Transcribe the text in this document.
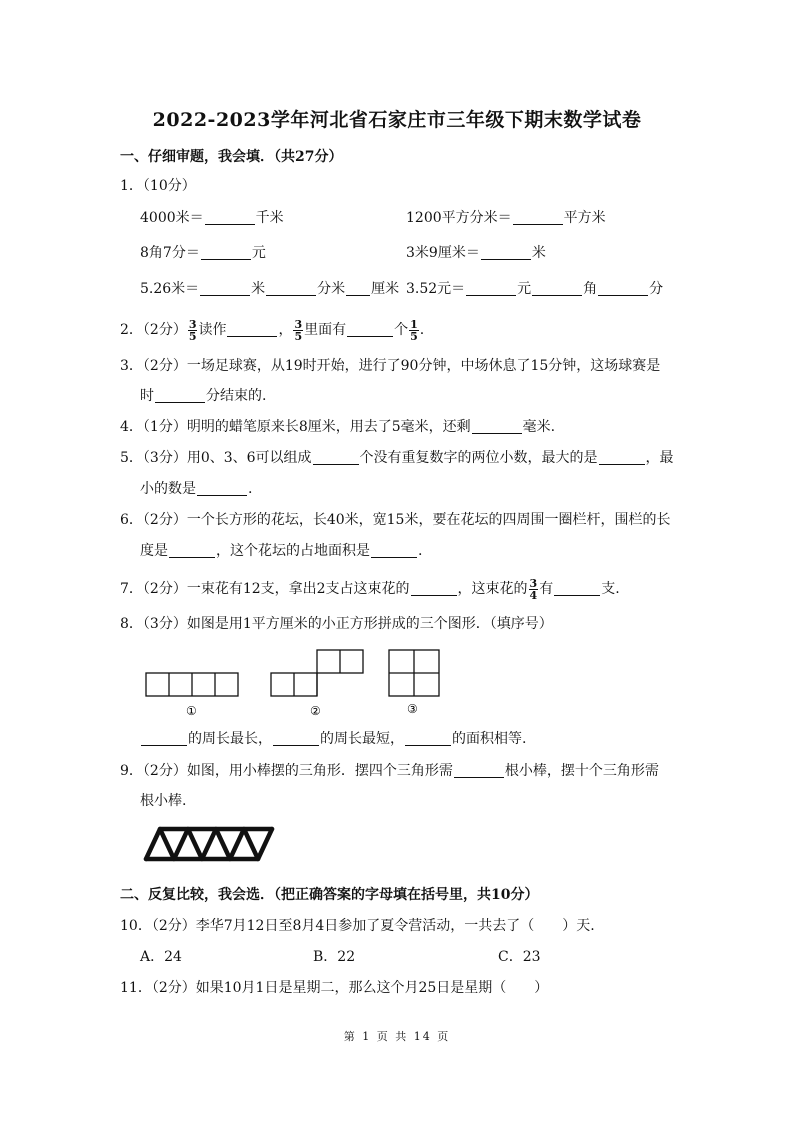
2022-2023学年河北省石家庄市三年级下期末数学试卷
一、仔细审题，我会填．（共27分）
1．（10分）
4000米＝	千米	1200平方分米＝	平方米
8角7分＝	元	3米9厘米＝	米
5.26米＝	米	分米 厘米 3.52元＝	元	角	分
2．（2分） $\frac{3}{5}$ 读作	， $\frac{3}{5}$ 里面有	个 $\frac{1}{5}$ .
3．（2分）一场足球赛，从19时开始，进行了90分钟，中场休息了15分钟，这场球赛是
时	分结束的.
4．（1分）明明的蜡笔原来长8厘米，用去了5毫米，还剩	毫米.
5．（3分）用0、3、6可以组成	个没有重复数字的两位小数，最大的是	，最
小的数是	.
6．（2分）一个长方形的花坛，长40米，宽15米，要在花坛的四周围一圈栏杆，围栏的长
度是	，这个花坛的占地面积是	.
7．（2分）一束花有12支，拿出2支占这束花的	，这束花的 $\frac{3}{4}$ 有	支.
8．（3分）如图是用1平方厘米的小正方形拼成的三个图形．（填序号）
①	②	③
的周长最长，	的周长最短，	的面积相等.
9．（2分）如图，用小棒摆的三角形．摆四个三角形需	根小棒，摆十个三角形需
根小棒.
二、反复比较，我会选．（把正确答案的字母填在括号里，共10分）
10．（2分）李华7月12日至8月4日参加了夏令营活动，一共去了（　　）天.
A．24	B．22	C．23
11．（2分）如果10月1日是星期二，那么这个月25日是星期（　　）
第 1 页 共 14 页
